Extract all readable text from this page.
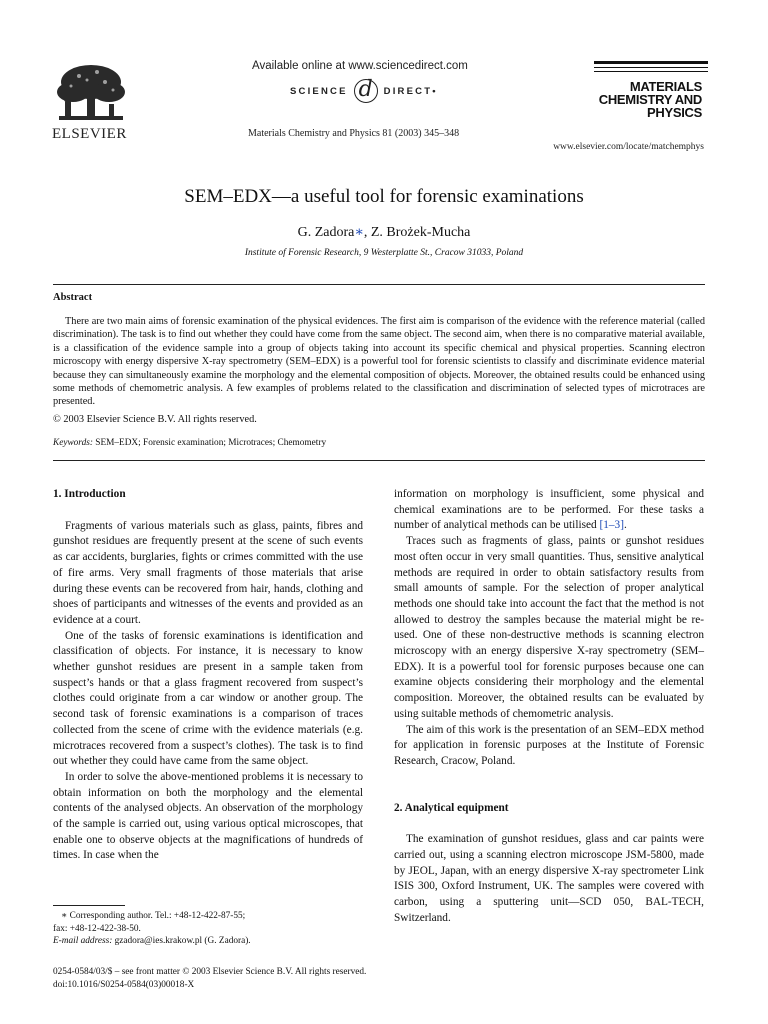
ELSEVIER
Available online at www.sciencedirect.com
SCIENCE d	DIRECT•
Materials Chemistry and Physics 81 (2003) 345–348
MATERIALS
CHEMISTRY AND
PHYSICS
www.elsevier.com/locate/matchemphys
SEM–EDX—a useful tool for forensic examinations
G. Zadora∗, Z. Brożek-Mucha
Institute of Forensic Research, 9 Westerplatte St., Cracow 31033, Poland
Abstract
There are two main aims of forensic examination of the physical evidences. The first aim is comparison of the evidence with the reference material (called discrimination). The task is to find out whether they could have come from the same object. The second aim, when there is no comparative material available, is a classification of the evidence sample into a group of objects taking into account its specific chemical and physical properties. Scanning electron microscopy with energy dispersive X-ray spectrometry (SEM–EDX) is a powerful tool for forensic scientists to classify and discriminate evidence material because they can simultaneously examine the morphology and the elemental composition of objects. Moreover, the obtained results could be enhanced using some methods of chemometric analysis. A few examples of problems related to the classification and discrimination of selected types of microtraces are presented.
© 2003 Elsevier Science B.V. All rights reserved.
Keywords: SEM–EDX; Forensic examination; Microtraces; Chemometry
1. Introduction
Fragments of various materials such as glass, paints, fibres and gunshot residues are frequently present at the scene of such events as car accidents, burglaries, fights or crimes committed with the use of fire arms. Very small fragments of those materials that arise during these events can be recovered from hair, hands, clothing and shoes of participants and witnesses of the events and provided as an evidence at a court.
One of the tasks of forensic examinations is identification and classification of objects. For instance, it is necessary to know whether gunshot residues are present in a sample taken from suspect’s hands or that a glass fragment recovered from suspect’s clothes could originate from a car window or another group. The second task of forensic examinations is a comparison of traces collected from the scene of crime with the evidence materials (e.g. microtraces recovered from a suspect’s clothes). The task is to find out whether they could have came from the same object.
In order to solve the above-mentioned problems it is necessary to obtain information on both the morphology and the elemental contents of the analysed objects. An observation of the morphology of the sample is carried out, using various optical microscopes, that enable one to observe objects at the magnifications of hundreds of times. In case when the
∗ Corresponding author. Tel.: +48-12-422-87-55;
fax: +48-12-422-38-50.
E-mail address: gzadora@ies.krakow.pl (G. Zadora).
0254-0584/03/$ – see front matter © 2003 Elsevier Science B.V. All rights reserved.
doi:10.1016/S0254-0584(03)00018-X
information on morphology is insufficient, some physical and chemical examinations are to be performed. For these tasks a number of analytical methods can be utilised [1–3].
Traces such as fragments of glass, paints or gunshot residues most often occur in very small quantities. Thus, sensitive analytical methods are required in order to obtain satisfactory results from small amounts of sample. For the selection of proper analytical methods one should take into account the fact that the method is not allowed to destroy the samples because the material might be re-used. One of these non-destructive methods is scanning electron microscopy with an energy dispersive X-ray spectrometry (SEM–EDX). It is a powerful tool for forensic purposes because one can examine objects considering their morphology and the elemental composition. Moreover, the obtained results can be evaluated by using suitable methods of chemometric analysis.
The aim of this work is the presentation of an SEM–EDX method for application in forensic purposes at the Institute of Forensic Research, Cracow, Poland.
2. Analytical equipment
The examination of gunshot residues, glass and car paints were carried out, using a scanning electron microscope JSM-5800, made by JEOL, Japan, with an energy dispersive X-ray spectrometer Link ISIS 300, Oxford Instrument, UK. The samples were covered with carbon, using a sputtering unit—SCD 050, BAL-TECH, Switzerland.
